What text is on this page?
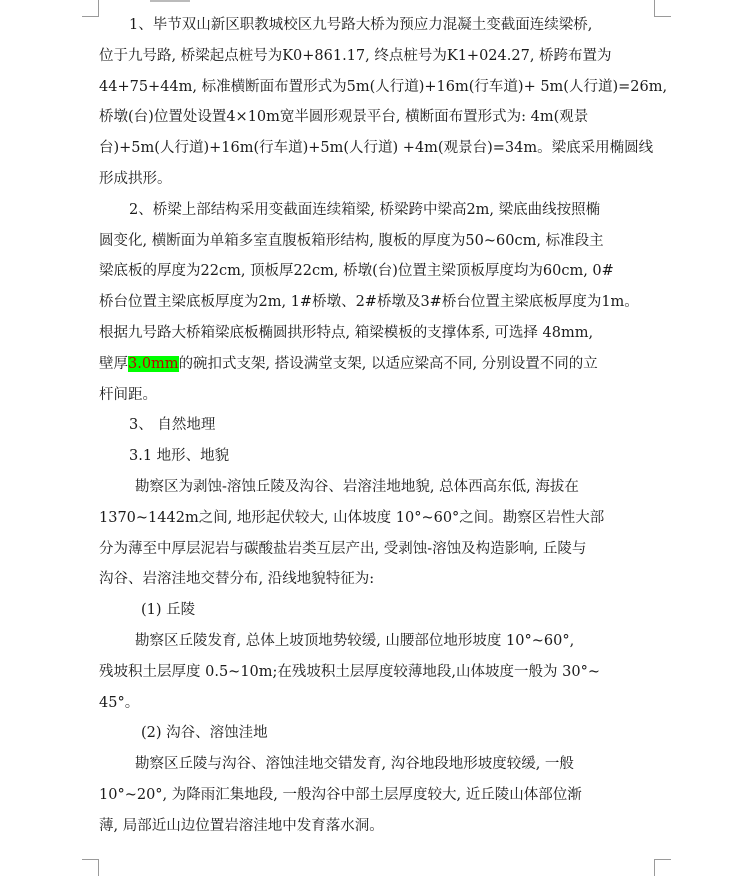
1、毕节双山新区职教城校区九号路大桥为预应力混凝土变截面连续梁桥,

位于九号路, 桥梁起点桩号为K0+861.17, 终点桩号为K1+024.27, 桥跨布置为

44+75+44m, 标准横断面布置形式为5m(人行道)+16m(行车道)+ 5m(人行道)=26m,

桥墩(台)位置处设置4×10m宽半圆形观景平台, 横断面布置形式为: 4m(观景

台)+5m(人行道)+16m(行车道)+5m(人行道) +4m(观景台)=34m。梁底采用椭圆线

形成拱形。

2、桥梁上部结构采用变截面连续箱梁, 桥梁跨中梁高2m, 梁底曲线按照椭

圆变化, 横断面为单箱多室直腹板箱形结构, 腹板的厚度为50~60cm, 标准段主

梁底板的厚度为22cm, 顶板厚22cm, 桥墩(台)位置主梁顶板厚度均为60cm, 0#

桥台位置主梁底板厚度为2m, 1#桥墩、2#桥墩及3#桥台位置主梁底板厚度为1m。

根据九号路大桥箱梁底板椭圆拱形特点, 箱梁模板的支撑体系, 可选择 48mm,

壁厚3.0mm的碗扣式支架, 搭设满堂支架, 以适应梁高不同, 分别设置不同的立

杆间距。

3、 自然地理

3.1 地形、地貌

勘察区为剥蚀-溶蚀丘陵及沟谷、岩溶洼地地貌, 总体西高东低, 海拔在

1370~1442m之间, 地形起伏较大, 山体坡度 10°~60°之间。勘察区岩性大部

分为薄至中厚层泥岩与碳酸盐岩类互层产出, 受剥蚀-溶蚀及构造影响, 丘陵与

沟谷、岩溶洼地交替分布, 沿线地貌特征为:

(1) 丘陵

勘察区丘陵发育, 总体上坡顶地势较缓, 山腰部位地形坡度 10°~60°,

残坡积土层厚度 0.5~10m;在残坡积土层厚度较薄地段,山体坡度一般为 30°~

45°。

(2) 沟谷、溶蚀洼地

勘察区丘陵与沟谷、溶蚀洼地交错发育, 沟谷地段地形坡度较缓, 一般

10°~20°, 为降雨汇集地段, 一般沟谷中部土层厚度较大, 近丘陵山体部位渐

薄, 局部近山边位置岩溶洼地中发育落水洞。
